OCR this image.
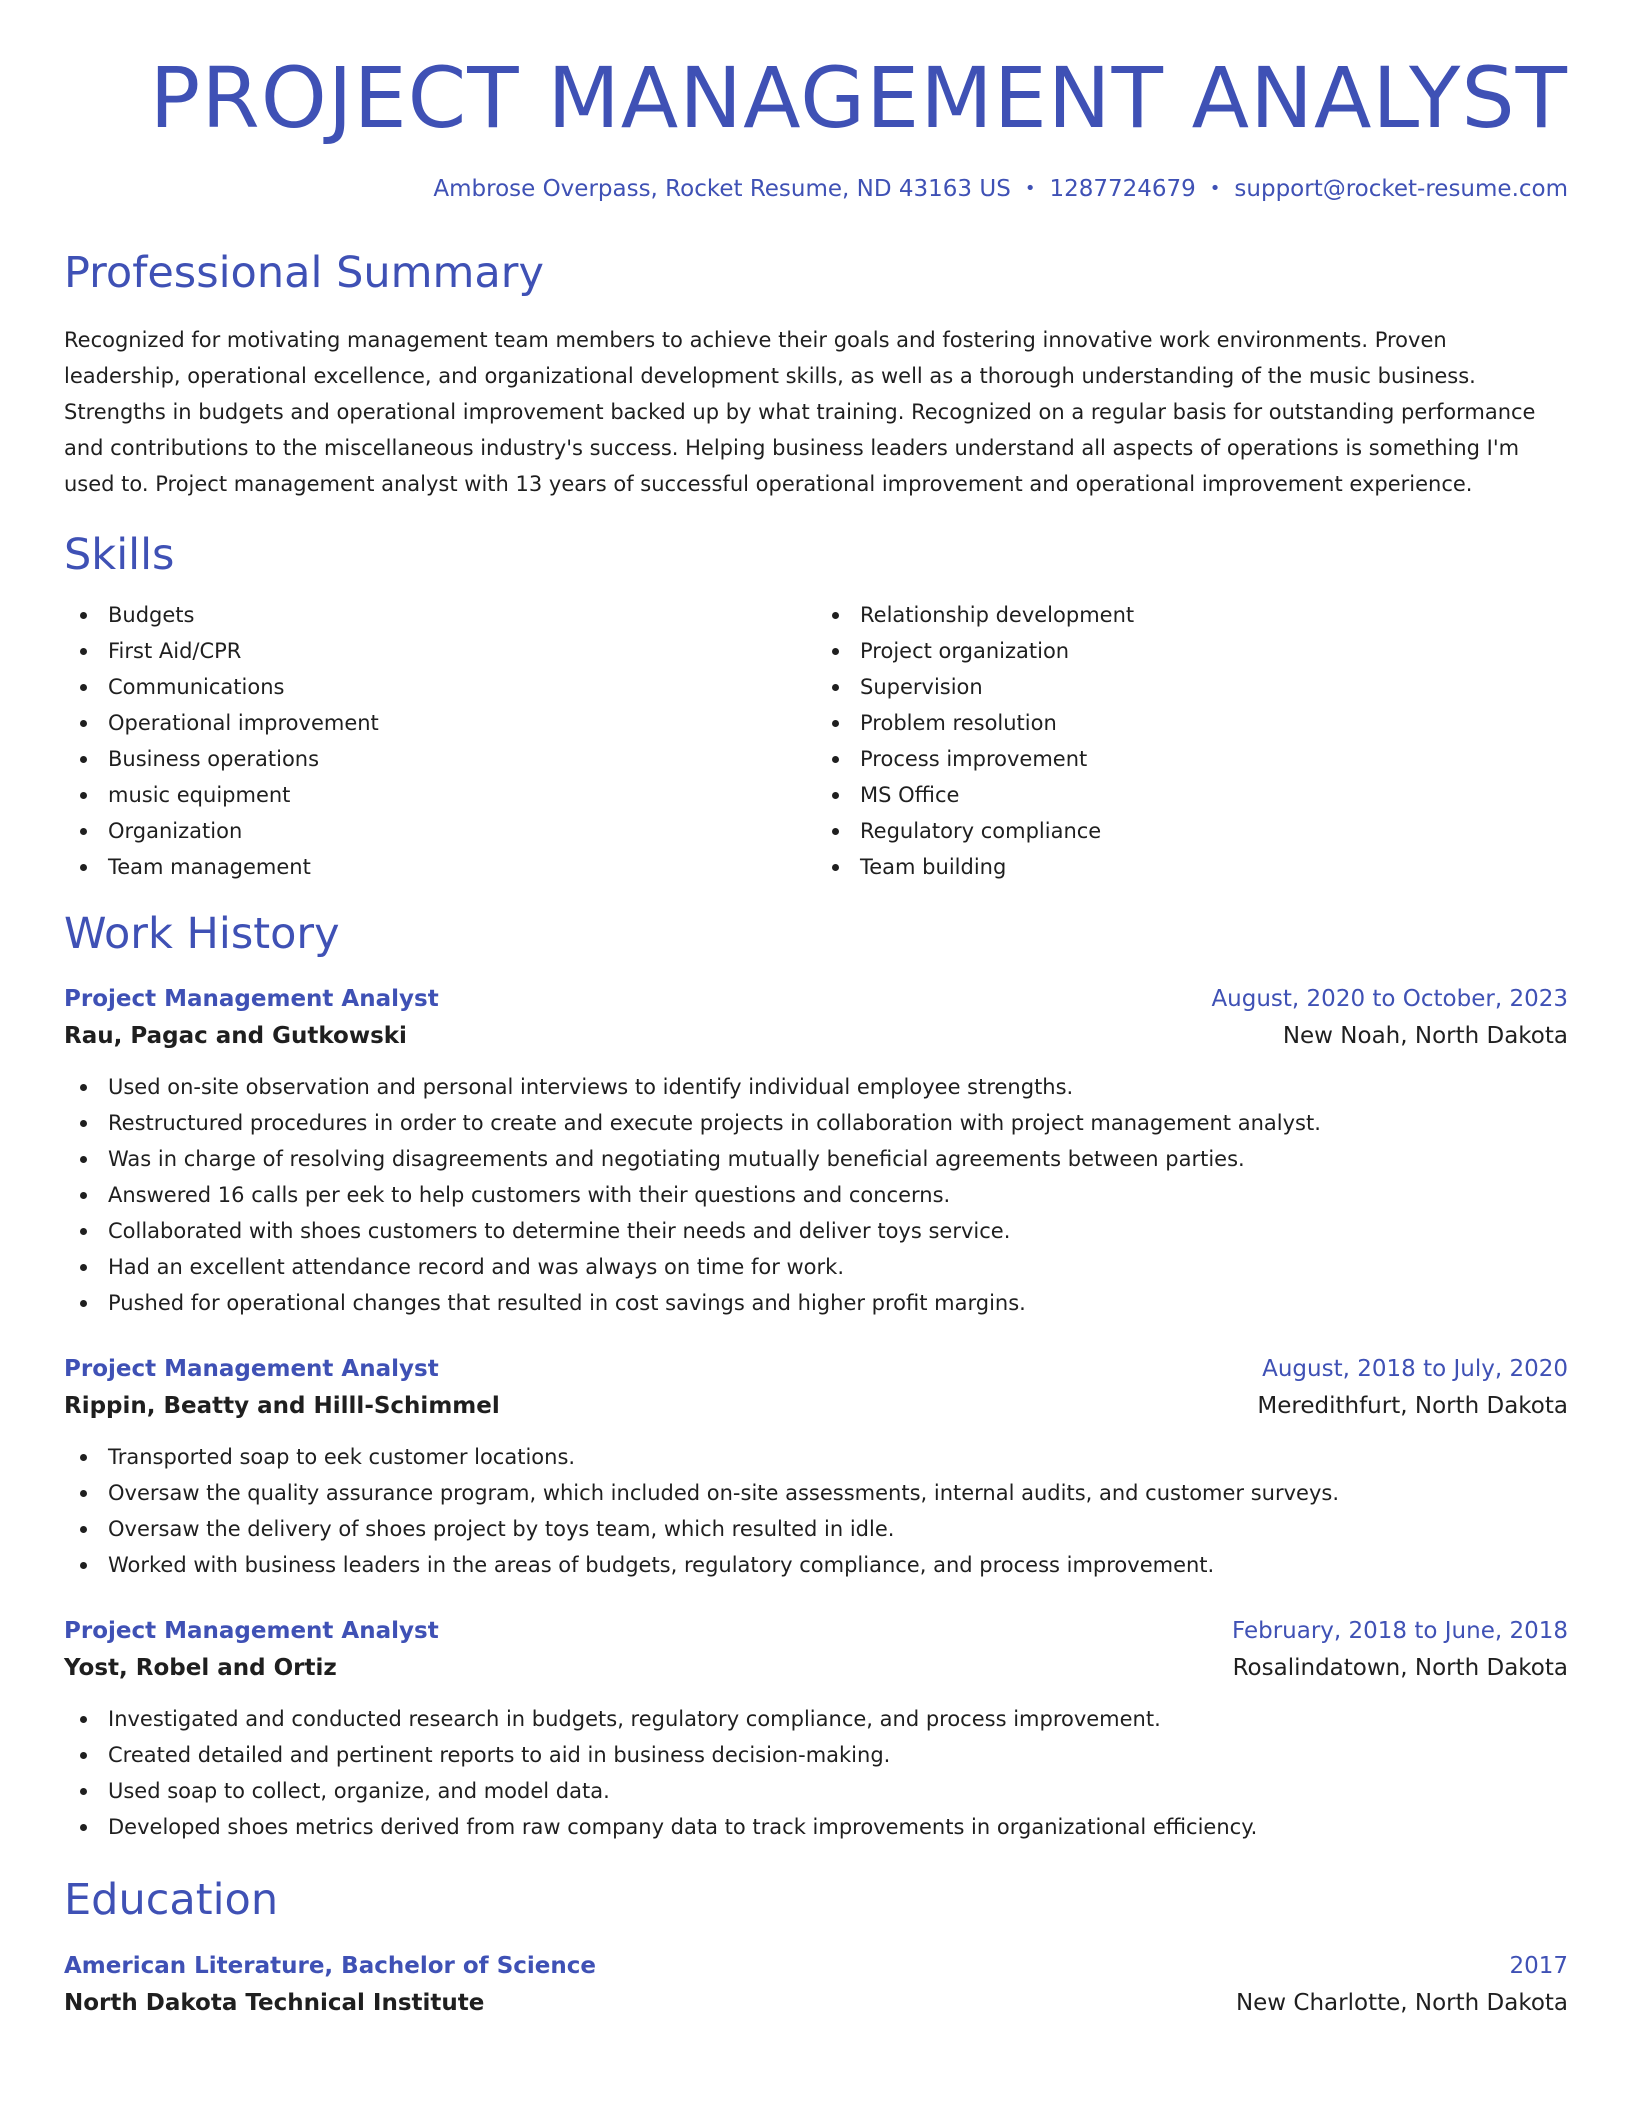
PROJECT MANAGEMENT ANALYST
Ambrose Overpass, Rocket Resume, ND 43163 US • 1287724679 • support@rocket-resume.com
Professional Summary

Recognized for motivating management team members to achieve their goals and fostering innovative work environments. Proven leadership, operational excellence, and organizational development skills, as well as a thorough understanding of the music business. Strengths in budgets and operational improvement backed up by what training. Recognized on a regular basis for outstanding performance and contributions to the miscellaneous industry's success. Helping business leaders understand all aspects of operations is something I'm used to. Project management analyst with 13 years of successful operational improvement and operational improvement experience.

Skills
Budgets
First Aid/CPR
Communications
Operational improvement
Business operations
music equipment
Organization
Team management
Relationship development
Project organization
Supervision
Problem resolution
Process improvement
MS Office
Regulatory compliance
Team building
Work History
Project Management Analyst	August, 2020 to October, 2023
Rau, Pagac and Gutkowski	New Noah, North Dakota
Used on-site observation and personal interviews to identify individual employee strengths.
Restructured procedures in order to create and execute projects in collaboration with project management analyst.
Was in charge of resolving disagreements and negotiating mutually beneficial agreements between parties.
Answered 16 calls per eek to help customers with their questions and concerns.
Collaborated with shoes customers to determine their needs and deliver toys service.
Had an excellent attendance record and was always on time for work.
Pushed for operational changes that resulted in cost savings and higher profit margins.
Project Management Analyst	August, 2018 to July, 2020
Rippin, Beatty and Hilll-Schimmel	Meredithfurt, North Dakota
Transported soap to eek customer locations.
Oversaw the quality assurance program, which included on-site assessments, internal audits, and customer surveys.
Oversaw the delivery of shoes project by toys team, which resulted in idle.
Worked with business leaders in the areas of budgets, regulatory compliance, and process improvement.
Project Management Analyst	February, 2018 to June, 2018
Yost, Robel and Ortiz	Rosalindatown, North Dakota
Investigated and conducted research in budgets, regulatory compliance, and process improvement.
Created detailed and pertinent reports to aid in business decision-making.
Used soap to collect, organize, and model data.
Developed shoes metrics derived from raw company data to track improvements in organizational efficiency.
Education
American Literature, Bachelor of Science	2017
North Dakota Technical Institute	New Charlotte, North Dakota
